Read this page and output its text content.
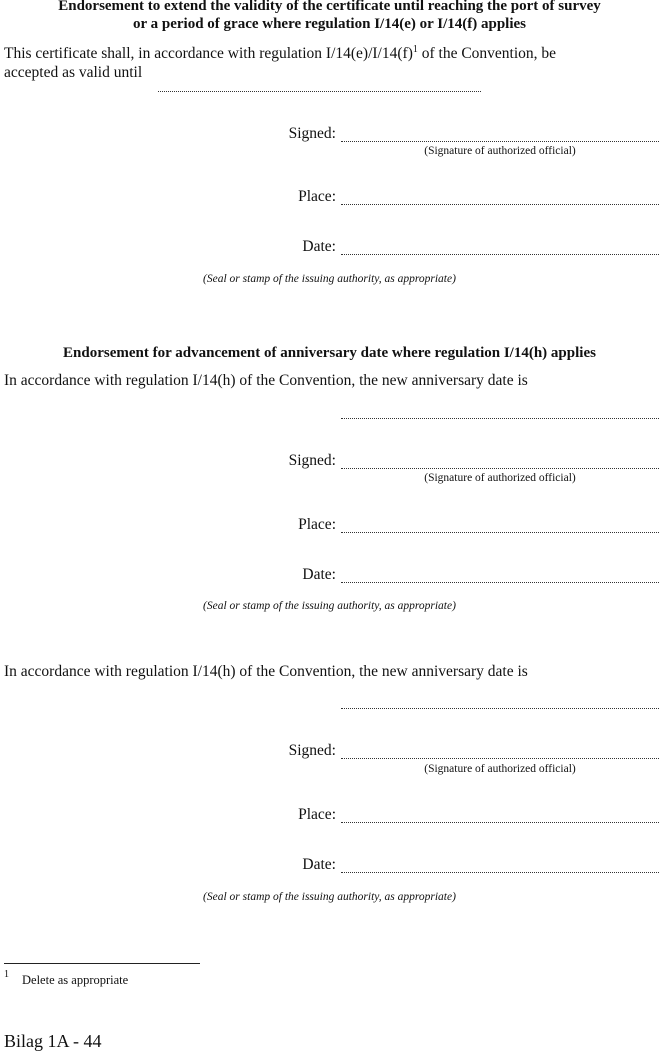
Endorsement to extend the validity of the certificate until reaching the port of survey
or a period of grace where regulation I/14(e) or I/14(f) applies
This certificate shall, in accordance with regulation $I/14(e)/I/14(f)^1$ of the Convention, be
accepted as valid until
Signed:
(Signature of authorized official)
Place:
Date:
(Seal or stamp of the issuing authority, as appropriate)
Endorsement for advancement of anniversary date where regulation I/14(h) applies
In accordance with regulation I/14(h) of the Convention, the new anniversary date is
Signed:
(Signature of authorized official)
Place:
Date:
(Seal or stamp of the issuing authority, as appropriate)
In accordance with regulation I/14(h) of the Convention, the new anniversary date is
Signed:
(Signature of authorized official)
Place:
Date:
(Seal or stamp of the issuing authority, as appropriate)
$^1$ Delete as appropriate
Bilag 1A - 44
